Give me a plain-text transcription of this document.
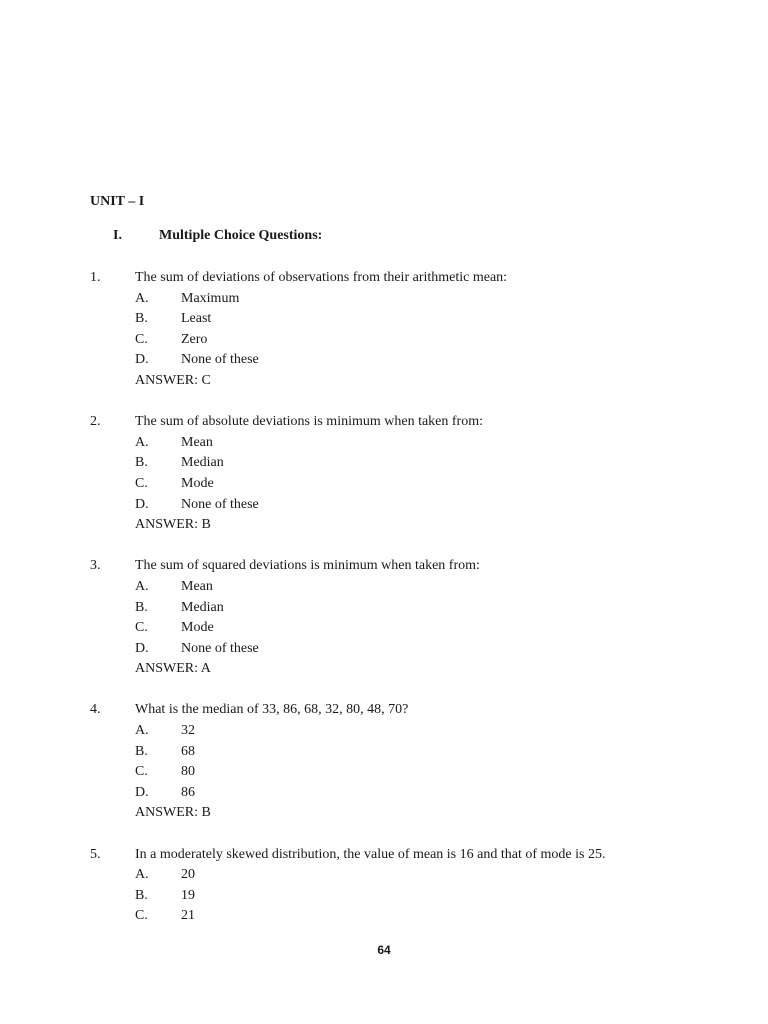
UNIT – I
I.	Multiple Choice Questions:
1. The sum of deviations of observations from their arithmetic mean:
A. Maximum
B. Least
C. Zero
D. None of these
ANSWER: C
2. The sum of absolute deviations is minimum when taken from:
A. Mean
B. Median
C. Mode
D. None of these
ANSWER: B
3. The sum of squared deviations is minimum when taken from:
A. Mean
B. Median
C. Mode
D. None of these
ANSWER: A
4. What is the median of 33, 86, 68, 32, 80, 48, 70?
A. 32
B. 68
C. 80
D. 86
ANSWER: B
5. In a moderately skewed distribution, the value of mean is 16 and that of mode is 25.
A. 20
B. 19
C. 21
64
